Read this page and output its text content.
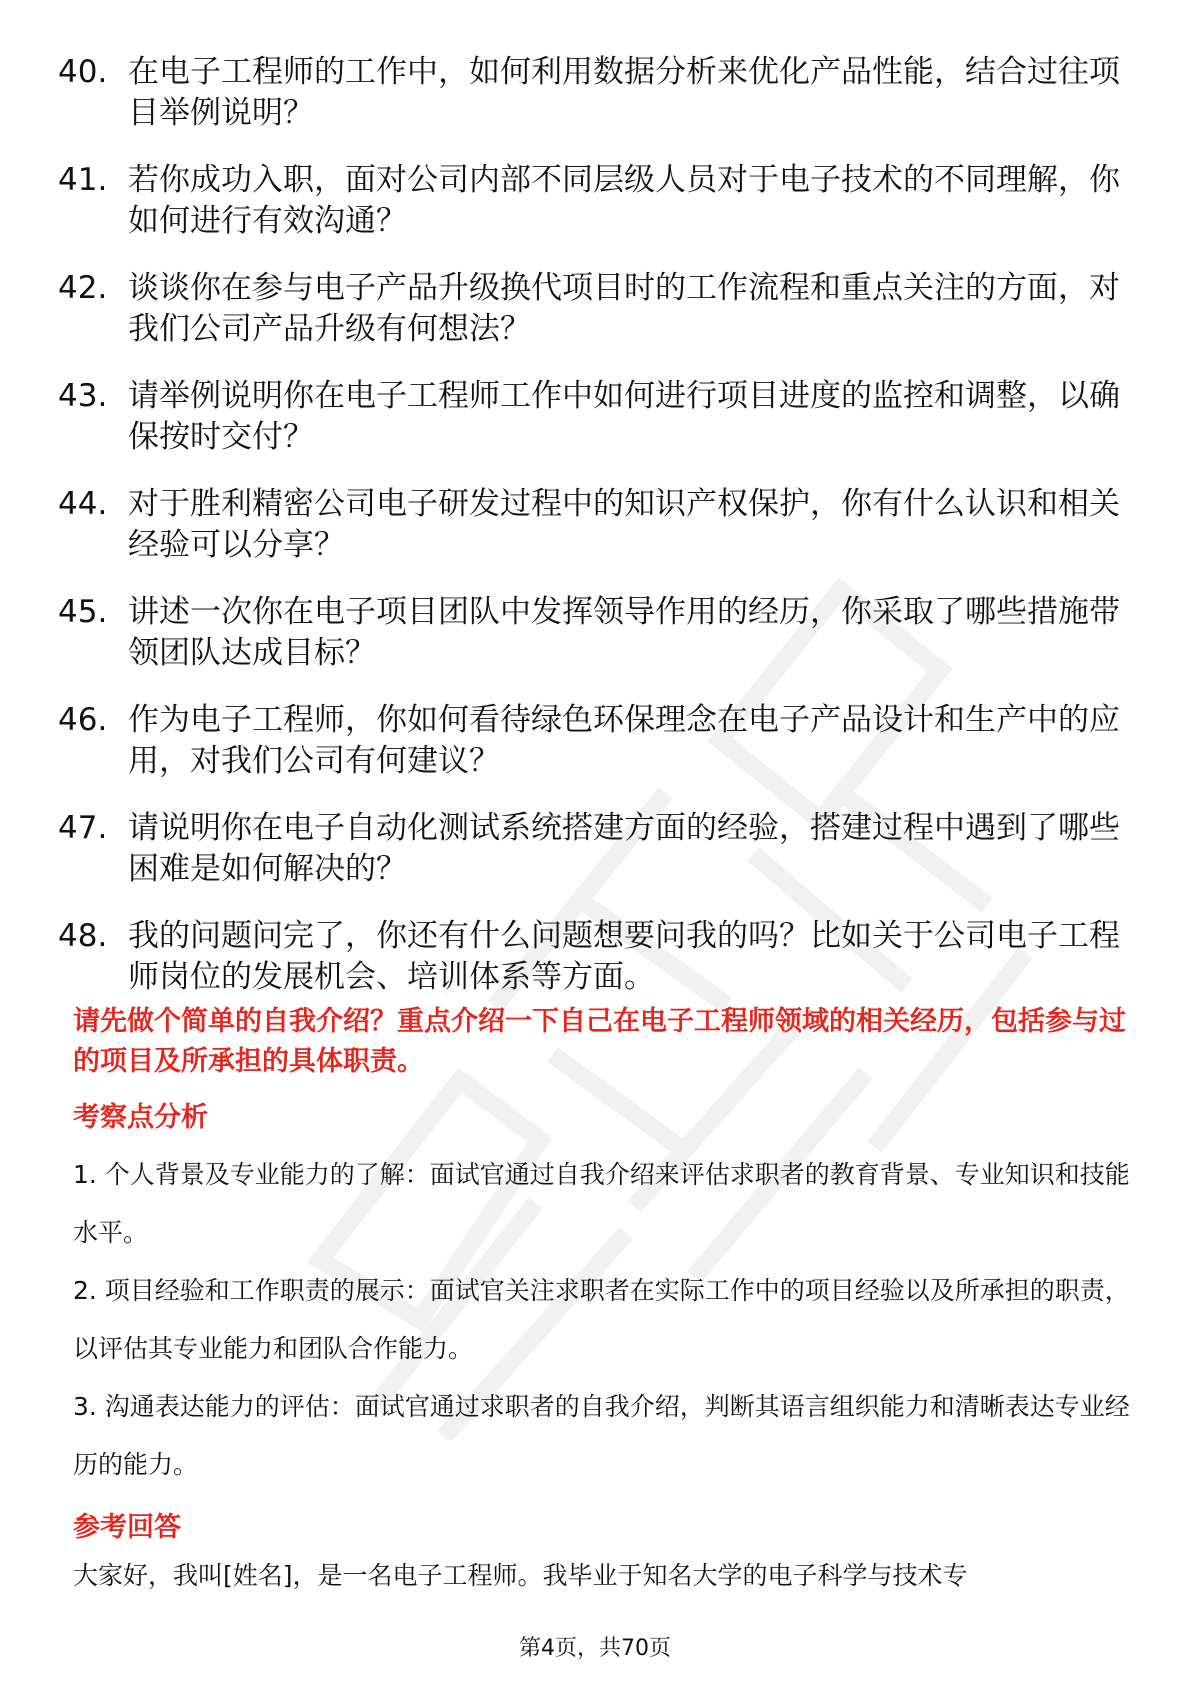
40. 在电子工程师的工作中，如何利用数据分析来优化产品性能，结合过往项目举例说明？
41. 若你成功入职，面对公司内部不同层级人员对于电子技术的不同理解，你如何进行有效沟通？
42. 谈谈你在参与电子产品升级换代项目时的工作流程和重点关注的方面，对我们公司产品升级有何想法？
43. 请举例说明你在电子工程师工作中如何进行项目进度的监控和调整，以确保按时交付？
44. 对于胜利精密公司电子研发过程中的知识产权保护，你有什么认识和相关经验可以分享？
45. 讲述一次你在电子项目团队中发挥领导作用的经历，你采取了哪些措施带领团队达成目标？
46. 作为电子工程师，你如何看待绿色环保理念在电子产品设计和生产中的应用，对我们公司有何建议？
47. 请说明你在电子自动化测试系统搭建方面的经验，搭建过程中遇到了哪些困难是如何解决的？
48. 我的问题问完了，你还有什么问题想要问我的吗？比如关于公司电子工程师岗位的发展机会、培训体系等方面。
请先做个简单的自我介绍？重点介绍一下自己在电子工程师领域的相关经历，包括参与过的项目及所承担的具体职责。
考察点分析
1. 个人背景及专业能力的了解：面试官通过自我介绍来评估求职者的教育背景、专业知识和技能水平。
2. 项目经验和工作职责的展示：面试官关注求职者在实际工作中的项目经验以及所承担的职责，以评估其专业能力和团队合作能力。
3. 沟通表达能力的评估：面试官通过求职者的自我介绍，判断其语言组织能力和清晰表达专业经历的能力。
参考回答
大家好，我叫[姓名]，是一名电子工程师。我毕业于知名大学的电子科学与技术专
第4页，共70页
